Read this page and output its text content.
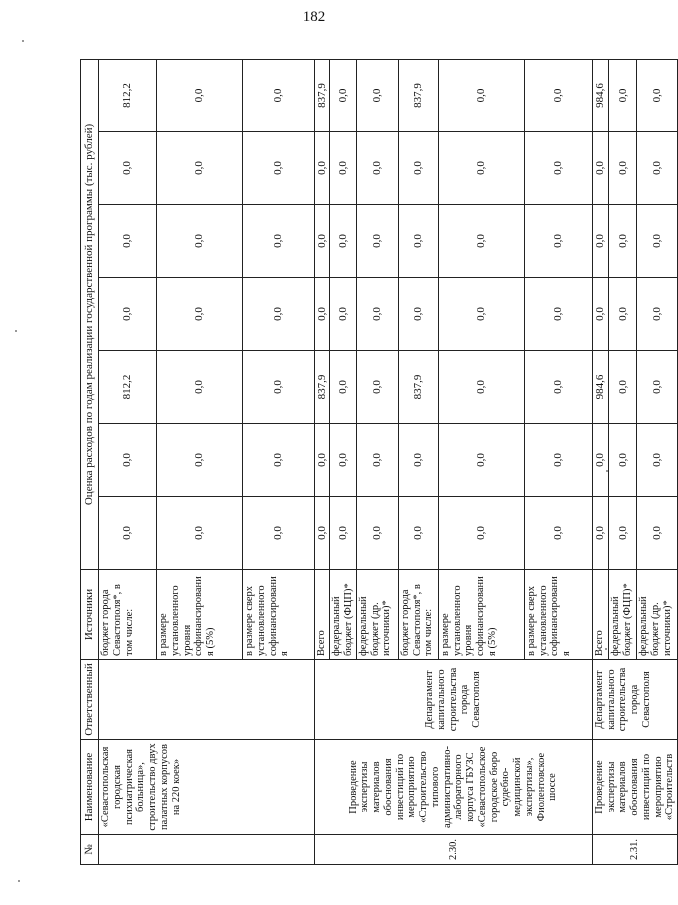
182
№	Наименование	Ответственный	Источники	Оценка расходов по годам реализации государственной программы (тыс. рублей)						
	«Севастопольская городская психиатрическая больница», строительство двух палатных корпусов на 220 коек»		бюджет города Севастополя*, в том числе:	0,0	0,0	812,2	0,0	0,0	0,0	812,2
			в размере установленного уровня софинансирования (5%)	0,0	0,0	0,0	0,0	0,0	0,0	0,0
			в размере сверх установленного софинансирования	0,0	0,0	0,0	0,0	0,0	0,0	0,0
2.30.	Проведение экспертизы материалов обоснования инвестиций по мероприятию «Строительство типового административно-лабораторного корпуса ГБУЗС «Севастопольское городское бюро судебно-медицинской экспертизы», Фиолентовское шоссе	Департамент капитального строительства города Севастополя	Всего	0,0	0,0	837,9	0,0	0,0	0,0	837,9
			федеральный бюджет (ФЦП)*	0,0	0,0	0,0	0,0	0,0	0,0	0,0
			федеральный бюджет (др. источники)*	0,0	0,0	0,0	0,0	0,0	0,0	0,0
			бюджет города Севастополя*, в том числе:	0,0	0,0	837,9	0,0	0,0	0,0	837,9
			в размере установленного уровня софинансирования (5%)	0,0	0,0	0,0	0,0	0,0	0,0	0,0
			в размере сверх установленного софинансирования	0,0	0,0	0,0	0,0	0,0	0,0	0,0
2.31.	Проведение экспертизы материалов обоснования инвестиций по мероприятию «Строительств	Департамент капитального строительства города Севастополя	Всего	0,0	0,0	984,6	0,0	0,0	0,0	984,6
			федеральный бюджет (ФЦП)*	0,0	0,0	0,0	0,0	0,0	0,0	0,0
			федеральный бюджет (др. источники)*	0,0	0,0	0,0	0,0	0,0	0,0	0,0
